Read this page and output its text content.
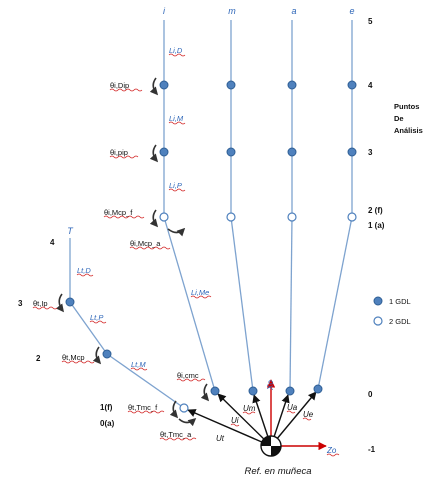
i	m	a	e
T
5
4
3
2 (f)
1 (a)
0
-1
4
3
2
1(f)
0(a)
Puntos
De
Análisis
Li,D
Li,M
Li,P
Li,Me
Lt,D
Lt,P
Lt,M
θi,Dip
θi,pip
θi,Mcp_f
θi,Mcp_a
θi,cmc
θt,Ip
θt,Mcp
θt,Tmc_f
θt,Tmc_a	Ut
Ui
Um	Ua
Ue
Xo
Zo
Ref. en muñeca
1 GDL
2 GDL
